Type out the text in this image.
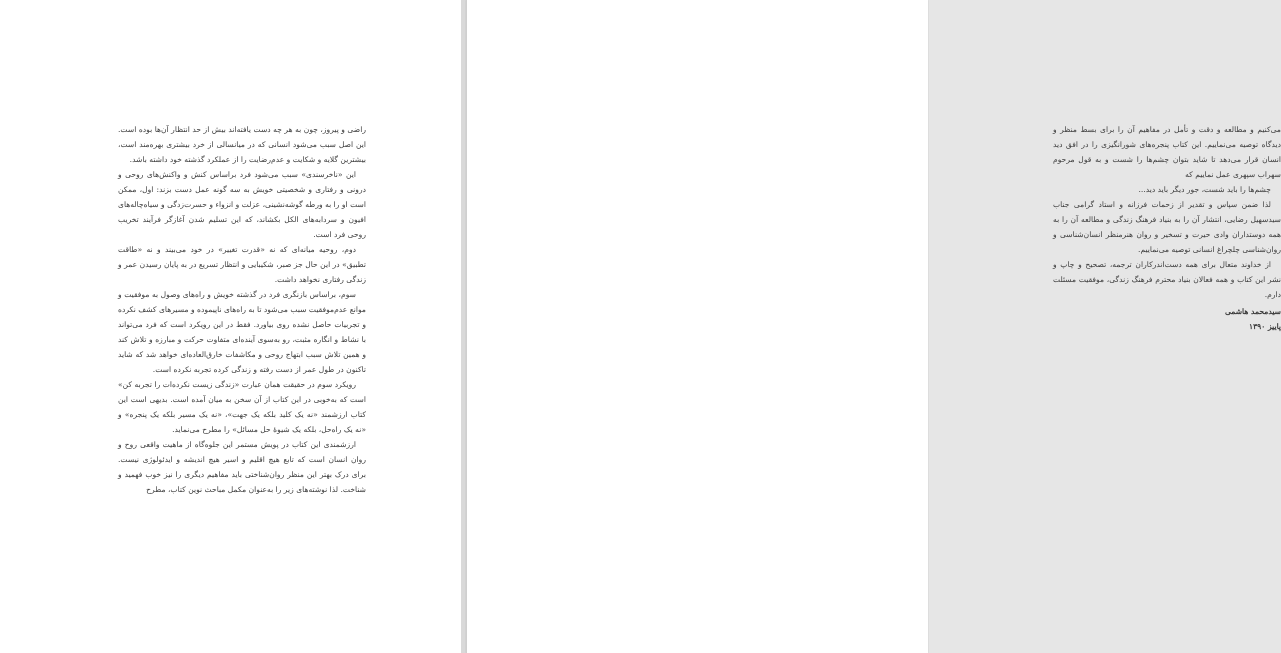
راضی و پیروز، چون به هر چه دست یافته‌اند بیش از حد انتظار آن‌ها بوده است. این اصل سبب می‌شود انسانی که در میانسالی از خرد بیشتری بهره‌مند است، بیشترین گلایه و شکایت و عدم‌رضایت را از عملکرد گذشته خود داشته باشد.

این «ناخرسندی» سبب می‌شود فرد براساس کنش و واکنش‌های روحی و درونی و رفتاری و شخصیتی خویش به سه گونه عمل دست بزند: اول، ممکن است او را به ورطه گوشه‌نشینی، عزلت و انزواء و حسرت‌زدگی و سیاه‌چاله‌های افیون و سردابه‌های الکل بکشاند، که این تسلیم شدن آغازگر فرآیند تخریب روحی فرد است.

دوم، روحیه میانه‌ای که نه «قدرت تغییر» در خود می‌بیند و نه «طاقت تطبیق» در این حال جز صبر، شکیبایی و انتظار تسریع در به پایان رسیدن عمر و زندگی رفتاری نخواهد داشت.

سوم، براساس بازنگری فرد در گذشته خویش و راه‌های وصول به موفقیت و موانع عدم‌موفقیت سبب می‌شود تا به راه‌های ناپیموده و مسیرهای کشف نکرده و تجربیات حاصل نشده روی بیاورد. فقط در این رویکرد است که فرد می‌تواند با نشاط و انگاره مثبت، رو به‌سوی آینده‌ای متفاوت حرکت و مبارزه و تلاش کند و همین تلاش سبب ابتهاج روحی و مکاشفات خارق‌العاده‌ای خواهد شد که شاید تاکنون در طول عمر از دست رفته و زندگی کرده تجربه نکرده است.

رویکرد سوم در حقیقت همان عبارت «زندگی زیست نکرده‌ات را تجربه کن» است که به‌خوبی در این کتاب از آن سخن به میان آمده است. بدیهی است این کتاب ارزشمند «نه یک کلید بلکه یک جهت»، «نه یک مسیر بلکه یک پنجره» و «نه یک راه‌حل، بلکه یک شیوهٔ حل مسائل» را مطرح می‌نماید.

ارزشمندی این کتاب در پویش مستمر این جلوه‌گاه از ماهیت واقعی روح و روان انسان است که تابع هیچ اقلیم و اسیر هیچ اندیشه و ایدئولوژی نیست. برای درک بهتر این منظر روان‌شناختی باید مفاهیم دیگری را نیز خوب فهمید و شناخت. لذا نوشته‌های زیر را به‌عنوان مکمل مباحث نوین کتاب، مطرح

می‌کنیم و مطالعه و دقت و تأمل در مفاهیم آن را برای بسط منظر و دیدگاه توصیه می‌نماییم. این کتاب پنجره‌های شورانگیزی را در افق دید انسان قرار می‌دهد تا شاید بتوان چشم‌ها را شست و به قول مرحوم سهراب سپهری عمل نماییم که

چشم‌ها را باید شست، جور دیگر باید دید...

لذا ضمن سپاس و تقدیر از زحمات فرزانه و استاد گرامی جناب سیدسهیل رضایی، انتشار آن را به بنیاد فرهنگ زندگی و مطالعه آن را به همه دوستداران وادی حیرت و تسخیر و روان هنرمنظر انسان‌شناسی و روان‌شناسی چلچراغ انسانی توصیه می‌نماییم.

از خداوند متعال برای همه دست‌اندرکاران ترجمه، تصحیح و چاپ و نشر این کتاب و همه فعالان بنیاد محترم فرهنگ زندگی، موفقیت مسئلت دارم.

سیدمحمد هاشمی
پاییز ۱۳۹۰
